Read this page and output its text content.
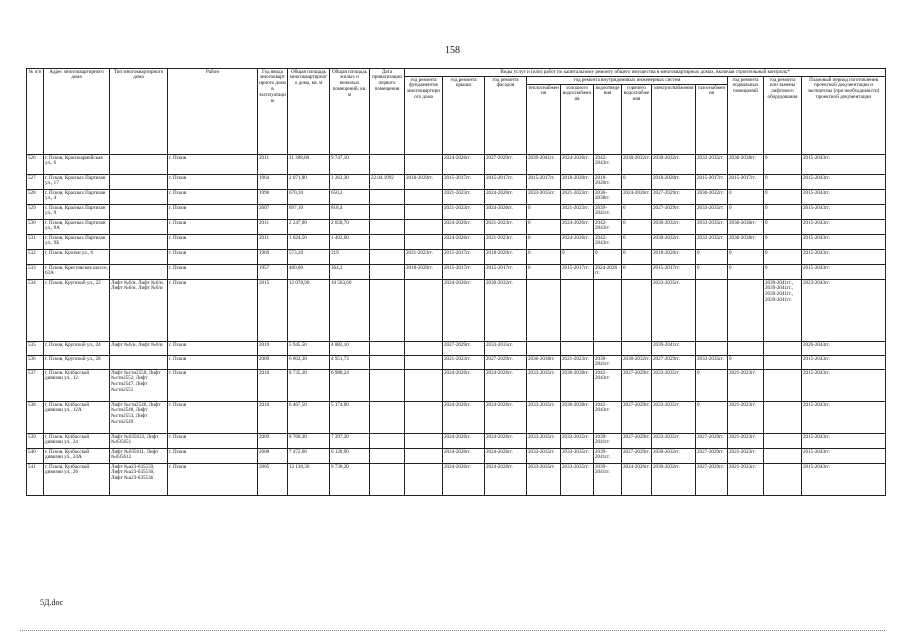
158
№ п/п	Адрес многоквартирного дома	Тип многоквартирного дома	Район	Год ввода многоквартирного дома в эксплуатацию	Общая площадь многоквартирного дома, кв. м	Общая площадь жилых и нежилых помещений, кв. м	Дата приватизации первого помещения	Виды услуг и (или) работ по капитальному ремонту общего имущества в многоквартирных домах, включая строительный контроль*											
								год ремонта фундаментов многоквартирного дома	год ремонта крыши	год ремонта фасадов	год ремонта внутридомовых инженерных систем						год ремонта подвальных помещений	год ремонта или замены лифтового оборудования	Плановый период изготовления проектной документации и экспертизы (при необходимости) проектной документации
											теплоснабжения	холодного водоснабжения	водоотведения	горячего водоснабжения	электроснабжения	газоснабжения			
526	г. Псков, Красноармейская ул., 6		г. Псков	2011	11 308,80	9 747,10			2024-2026гг.	2027-2029гг.	2039-2041гг.	2024-2026гг.	2042-2043гг.	2030-2032гг.	2030-2032гг.	2033-2035гг.	2036-2038гг.	0	2015-2043гг.
527	г. Псков, Красных Партизан ул., 17		г. Псков	1964	2 071,80	1 263,30	22.04.1992	2018-2020гг.	2015-2017гг.	2015-2017гг.	2015-2017гг.	2018-2020гг.	2018-2020гг.	0	2018-2020гг.	2015-2017гг.	2015-2017гг.	0	2015-2043гг.
528	г. Псков, Красных Партизан ул., 4		г. Псков	1996	670,10	650,2			2021-2023гг.	2024-2026гг.	2033-2035гг.	2021-2023гг.	2036-2038гг.	2024-2026гг.	2027-2029гг.	2030-2032гг.	0	0	2015-2043гг.
529	г. Псков, Красных Партизан ул., 9		г. Псков	2007	897,10	818,4			2021-2023гг.	2024-2026гг.	0	2021-2023гг.	2039-2041гг.	0	2027-2029гг.	2033-2035гг.	0	0	2015-2043гг.
530	г. Псков, Красных Партизан ул., 9А		г. Псков	2011	2 247,00	2 058,70			2024-2026гг.	2021-2023гг.	0	2024-2026гг.	2042-2043гг.	0	2030-2032гг.	2033-2035гг.	2036-2038гг.	0	2015-2043гг.
531	г. Псков, Красных Партизан ул., 9Б		г. Псков	2011	1 624,50	1 492,00			2024-2026гг.	2021-2023гг.	0	2024-2026гг.	2042-2043гг.	0	2030-2032гг.	2033-2035гг.	2036-2038гг.	0	2015-2043гг.
532	г. Псков, Кротки ул., 6		г. Псков	1969	573,30	319		2021-2023гг.	2015-2017гг.	2018-2020гг.	0	0	0	0	2018-2020гг.	0	0	0	2015-2043гг.
533	г. Псков, Крестовское шоссе, 63А		г. Псков	1957	400,00	364,3		2018-2020гг.	2015-2017гг.	2015-2017гг.	0	2015-2017гг.	2024-2026 гг.	0	2015-2017гг.	0	0	0	2015-2043гг.
534	г. Псков, Крупской ул., 22	Лифт №6/и, Лифт №6/и, Лифт №6/и, Лифт №6/и	г. Псков	2015	12 078,90	10 563,60			2024-2026гг.	2030-2032гг.					2033-2035гг.			2039-2041гг., 2039-2041гг., 2039-2041гг., 2039-2041гг.	2023-2043гг.
535	г. Псков, Крупской ул., 24	Лифт №6/и, Лифт №6/и	г. Псков	2019	5 945,50	4 882,10			2027-2029гг.	2033-2035гг.					2039-2041гг.				2026-2043гг.
536	г. Псков, Крупской ул., 28		г. Псков	2009	6 602,30	4 951,73			2021-2023гг.	2027-2029гг.	2036-2038гг.	2021-2023гг.	2039-2041гг.	2030-2032гг.	2027-2029гг.	2033-2035гг.	0		2015-2043гг.
537	г. Псков, Кузбасской дивизии ул., 12	Лифт №сти2550, Лифт №сти2552, Лифт №сти2547, Лифт №сти2551	г. Псков	2010	8 735,30	6 988,24			2024-2026гг.	2024-2026гг.	2033-2035гг.	2036-2038гг.	2042-2043гг.	2027-2029гг.	2033-2035гг.	0	2021-2023гг.		2015-2043гг.
538	г. Псков, Кузбасской дивизии ул., 12А	Лифт №сти2546, Лифт №сти2548, Лифт №сти2553, Лифт №сти2549	г. Псков	2010	6 467,50	5 174,00			2024-2026гг.	2024-2026гг.	2033-2035гг.	2036-2038гг.	2042-2043гг.	2027-2029гг.	2033-2035гг.	0	2021-2023гг.		2015-2043гг.
539	г. Псков, Кузбасской дивизии ул., 24	Лифт №035632, Лифт №035651	г. Псков	2009	8 760,30	7 397,30			2024-2026гг.	2024-2026гг.	2033-2035гг.	2033-2035гг.	2039-2041гг.	2027-2029гг.	2033-2035гг.	2027-2029гг.	2021-2023гг.		2015-2043гг.
540	г. Псков, Кузбасской дивизии ул., 24А	Лифт №035611, Лифт №035612	г. Псков	2008	7 472,68	6 128,90			2024-2026гг.	2024-2026гг.	2033-2035гг.	2033-2035гг.	2039-2041гг.	2027-2029гг.	2030-2032гг.	2027-2029гг.	2021-2023гг.		2015-2043гг.
541	г. Псков, Кузбасской дивизии ул., 26	Лифт №а23-035559, Лифт №а23-035530, Лифт №а23-035536	г. Псков	2005	12 130,30	9 730,20			2024-2026гг.	2024-2026гг.	2033-2035гг.	2033-2035гг.	2039-2041гг.	2024-2026гг.	2030-2032гг.	2027-2029гг.	2021-2023гг.		2015-2043гг.
5Д.doc
